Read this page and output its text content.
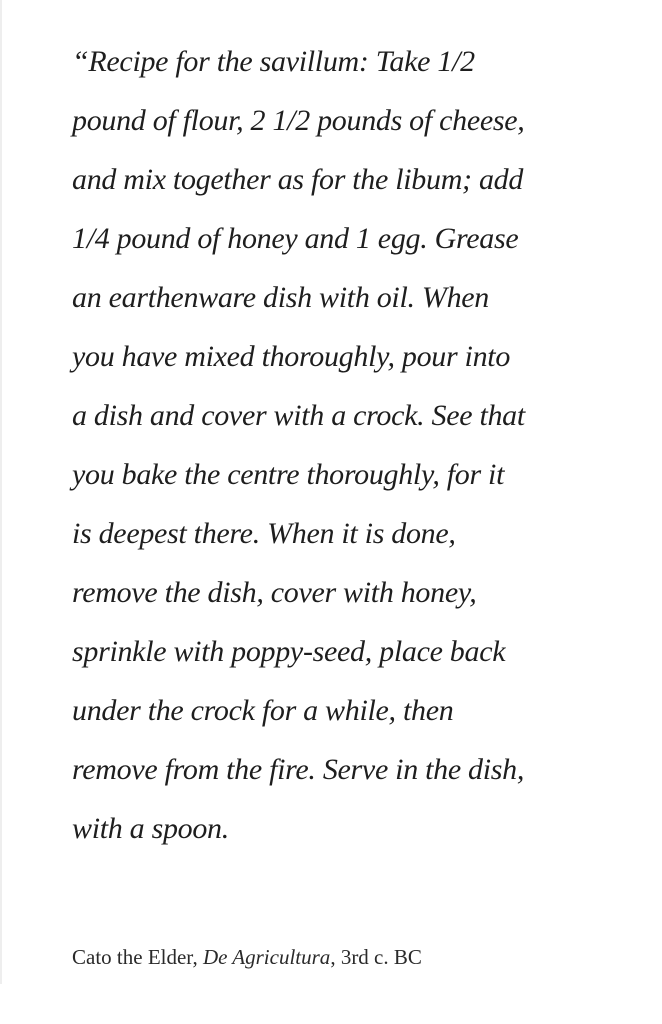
“Recipe for the savillum: Take 1/2
pound of flour, 2 1/2 pounds of cheese,
and mix together as for the libum; add
1/4 pound of honey and 1 egg. Grease
an earthenware dish with oil. When
you have mixed thoroughly, pour into
a dish and cover with a crock. See that
you bake the centre thoroughly, for it
is deepest there. When it is done,
remove the dish, cover with honey,
sprinkle with poppy-seed, place back
under the crock for a while, then
remove from the fire. Serve in the dish,
with a spoon.
Cato the Elder, De Agricultura, 3rd c. BC
